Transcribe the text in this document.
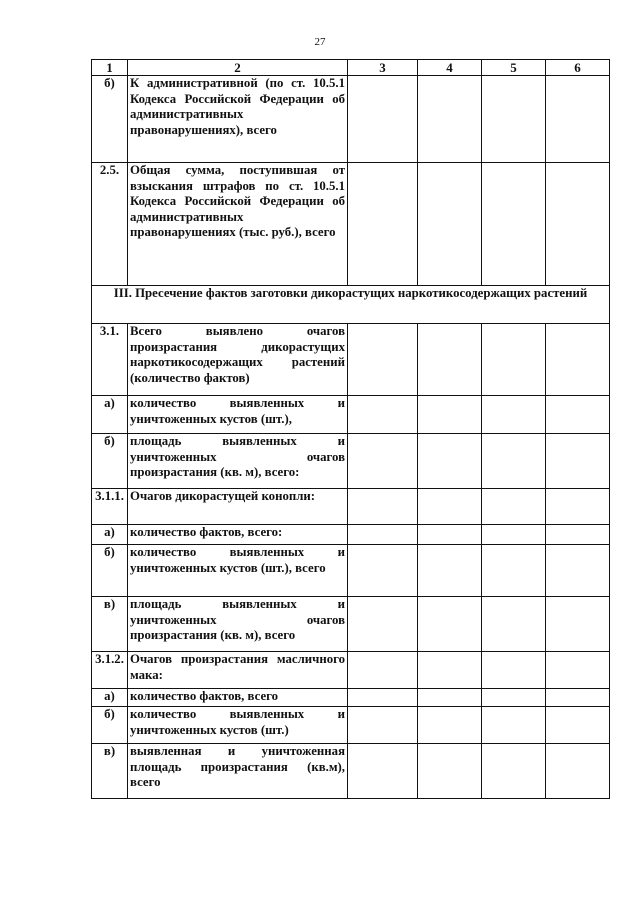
27
1	2	3	4	5	6
б)	К административной (по ст. 10.5.1 Кодекса Российской Федерации об административных правонарушениях), всего				
2.5.	Общая сумма, поступившая от взыскания штрафов по ст. 10.5.1 Кодекса Российской Федерации об административных правонарушениях (тыс. руб.), всего				
III. Пресечение фактов заготовки дикорастущих наркотикосодержащих растений					
3.1.	Всего выявлено очагов произрастания дикорастущих наркотикосодержащих растений (количество фактов)				
а)	количество выявленных и уничтоженных кустов (шт.),				
б)	площадь выявленных и уничтоженных очагов произрастания (кв. м), всего:				
3.1.1.	Очагов дикорастущей конопли:				
а)	количество фактов, всего:				
б)	количество выявленных и уничтоженных кустов (шт.), всего				
в)	площадь выявленных и уничтоженных очагов произрастания (кв. м), всего				
3.1.2.	Очагов произрастания масличного мака:				
а)	количество фактов, всего				
б)	количество выявленных и уничтоженных кустов (шт.)				
в)	выявленная и уничтоженная площадь произрастания (кв.м), всего				
